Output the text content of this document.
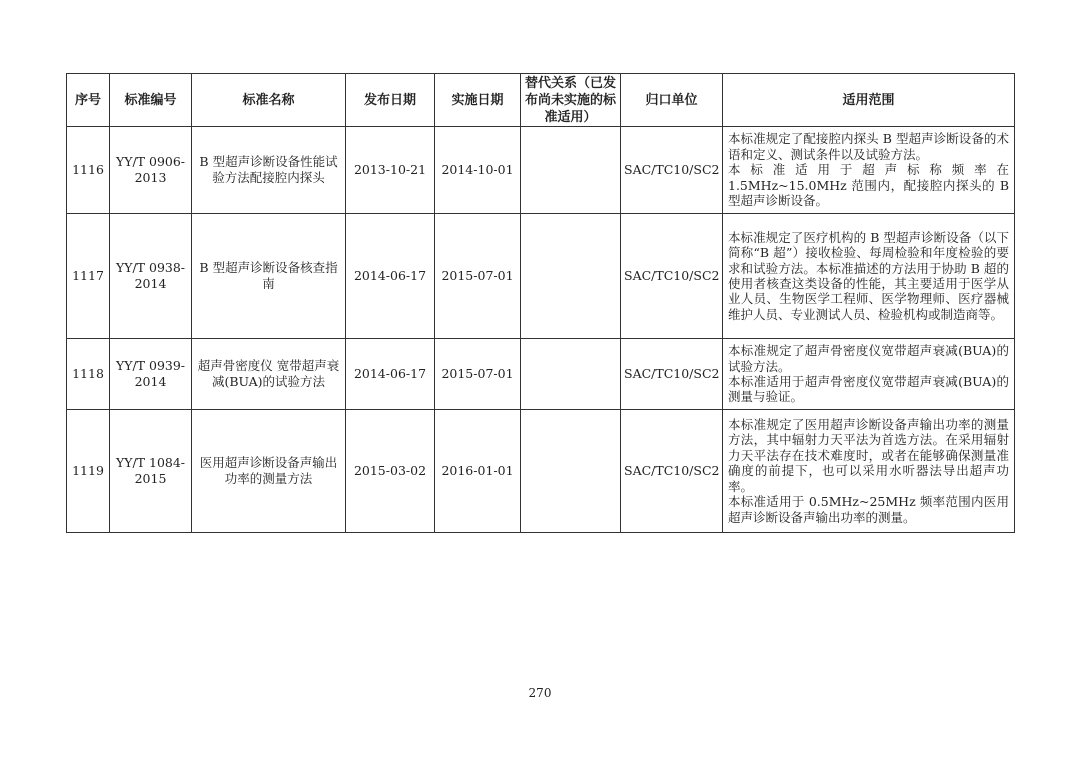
序号	标准编号	标准名称	发布日期	实施日期	替代关系（已发布尚未实施的标准适用）	归口单位	适用范围
1116	YY/T 0906-2013	B 型超声诊断设备性能试验方法配接腔内探头	2013-10-21	2014-10-01		SAC/TC10/SC2	本标准规定了配接腔内探头 B 型超声诊断设备的术语和定义、测试条件以及试验方法。

本标准适用于超声标称频率在 1.5MHz~15.0MHz 范围内，配接腔内探头的 B 型超声诊断设备。

1117	YY/T 0938-2014	B 型超声诊断设备核查指南	2014-06-17	2015-07-01		SAC/TC10/SC2	本标准规定了医疗机构的 B 型超声诊断设备（以下简称“B 超”）接收检验、每周检验和年度检验的要求和试验方法。本标准描述的方法用于协助 B 超的使用者核查这类设备的性能，其主要适用于医学从业人员、生物医学工程师、医学物理师、医疗器械维护人员、专业测试人员、检验机构或制造商等。

1118	YY/T 0939-2014	超声骨密度仪 宽带超声衰减(BUA)的试验方法	2014-06-17	2015-07-01		SAC/TC10/SC2	本标准规定了超声骨密度仪宽带超声衰减(BUA)的试验方法。

本标准适用于超声骨密度仪宽带超声衰减(BUA)的测量与验证。

1119	YY/T 1084-2015	医用超声诊断设备声输出功率的测量方法	2015-03-02	2016-01-01		SAC/TC10/SC2	本标准规定了医用超声诊断设备声输出功率的测量方法，其中辐射力天平法为首选方法。在采用辐射力天平法存在技术难度时，或者在能够确保测量准确度的前提下，也可以采用水听器法导出超声功率。

本标准适用于 0.5MHz~25MHz 频率范围内医用超声诊断设备声输出功率的测量。

270
